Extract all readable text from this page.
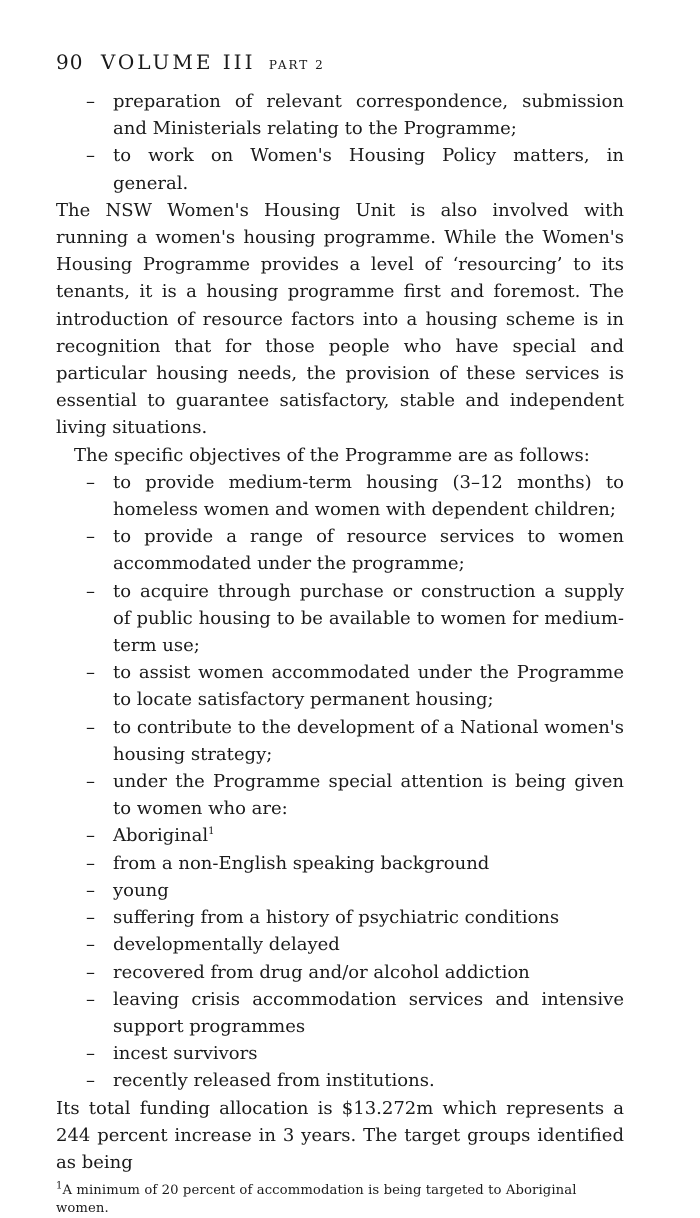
90 VOLUME III PART 2
– preparation of relevant correspondence, submission and Ministerials relating to the Programme;
– to work on Women's Housing Policy matters, in general.

The NSW Women's Housing Unit is also involved with running a women's housing programme. While the Women's Housing Programme provides a level of ‘resourcing’ to its tenants, it is a housing programme first and foremost. The introduction of resource factors into a housing scheme is in recognition that for those people who have special and particular housing needs, the provision of these services is essential to guarantee satisfactory, stable and independent living situations.

The specific objectives of the Programme are as follows:

– to provide medium-term housing (3–12 months) to homeless women and women with dependent children;
– to provide a range of resource services to women accommodated under the programme;
– to acquire through purchase or construction a supply of public housing to be available to women for medium-term use;
– to assist women accommodated under the Programme to locate satisfactory permanent housing;
– to contribute to the development of a National women's housing strategy;
– under the Programme special attention is being given to women who are:
– Aboriginal$^1$
– from a non-English speaking background
– young
– suffering from a history of psychiatric conditions
– developmentally delayed
– recovered from drug and/or alcohol addiction
– leaving crisis accommodation services and intensive support programmes
– incest survivors
– recently released from institutions.

Its total funding allocation is $13.272m which represents a 244 percent increase in 3 years. The target groups identified as being

$^1$A minimum of 20 percent of accommodation is being targeted to Aboriginal women.
